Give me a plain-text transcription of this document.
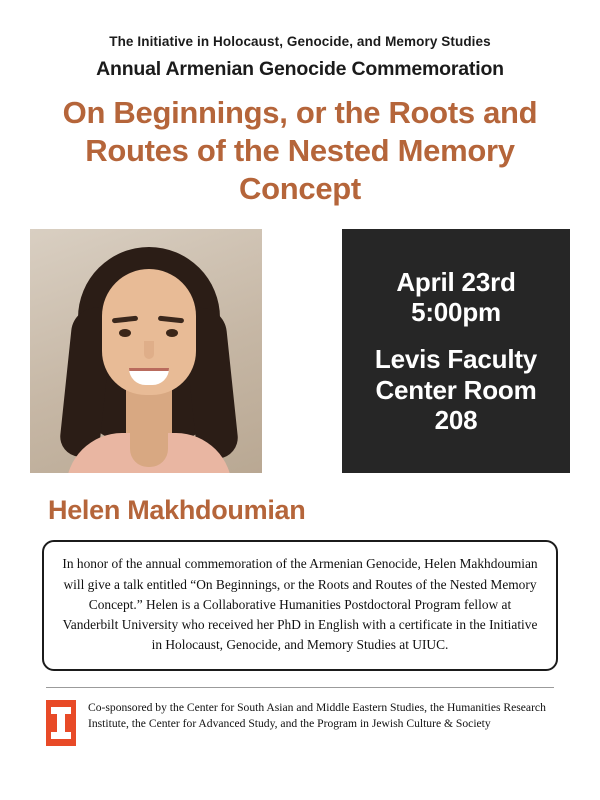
The Initiative in Holocaust, Genocide, and Memory Studies
Annual Armenian Genocide Commemoration
On Beginnings, or the Roots and Routes of the Nested Memory Concept
April 23rd
5:00pm
Levis Faculty
Center Room
208
Helen Makhdoumian
In honor of the annual commemoration of the Armenian Genocide, Helen Makhdoumian will give a talk entitled “On Beginnings, or the Roots and Routes of the Nested Memory Concept.” Helen is a Collaborative Humanities Postdoctoral Program fellow at Vanderbilt University who received her PhD in English with a certificate in the Initiative in Holocaust, Genocide, and Memory Studies at UIUC.
Co-sponsored by the Center for South Asian and Middle Eastern Studies, the Humanities Research Institute, the Center for Advanced Study, and the Program in Jewish Culture & Society
